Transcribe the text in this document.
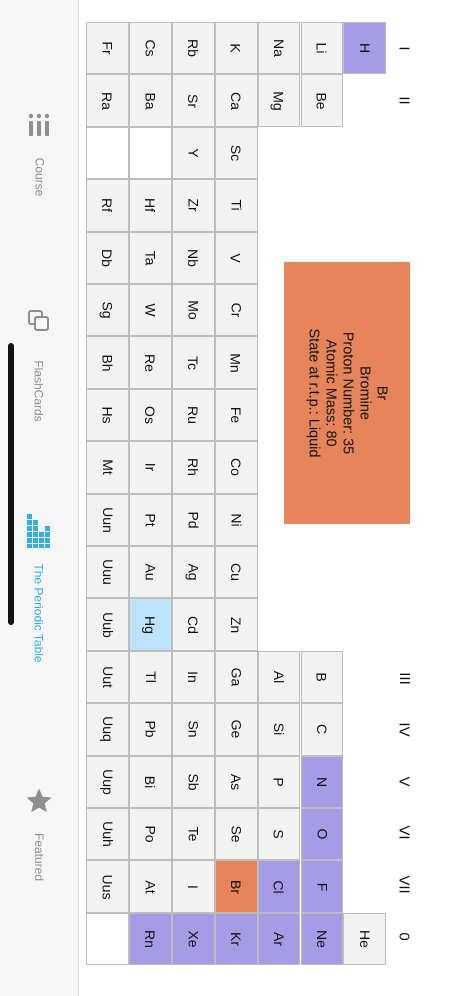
Course
FlashCards
The Periodic Table
Featured
I
II
III
IV
V
VI
VII
0
H
He
Li
Be
B
C
N
O
F
Ne
Na
Mg
Al
Si
P
S
Cl
Ar
K
Ca
Sc
Ti
V
Cr
Mn
Fe
Co
Ni
Cu
Zn
Ga
Ge
As
Se
Br
Kr
Rb
Sr
Y
Zr
Nb
Mo
Tc
Ru
Rh
Pd
Ag
Cd
In
Sn
Sb
Te
I
Xe
Cs
Ba
Hf
Ta
W
Re
Os
Ir
Pt
Au
Hg
Tl
Pb
Bi
Po
At
Rn
Fr
Ra
Rf
Db
Sg
Bh
Hs
Mt
Uun
Uuu
Uub
Uut
Uuq
Uup
Uuh
Uus
Br
Bromine
Proton Number: 35
Atomic Mass: 80
State at r.t.p.: Liquid
